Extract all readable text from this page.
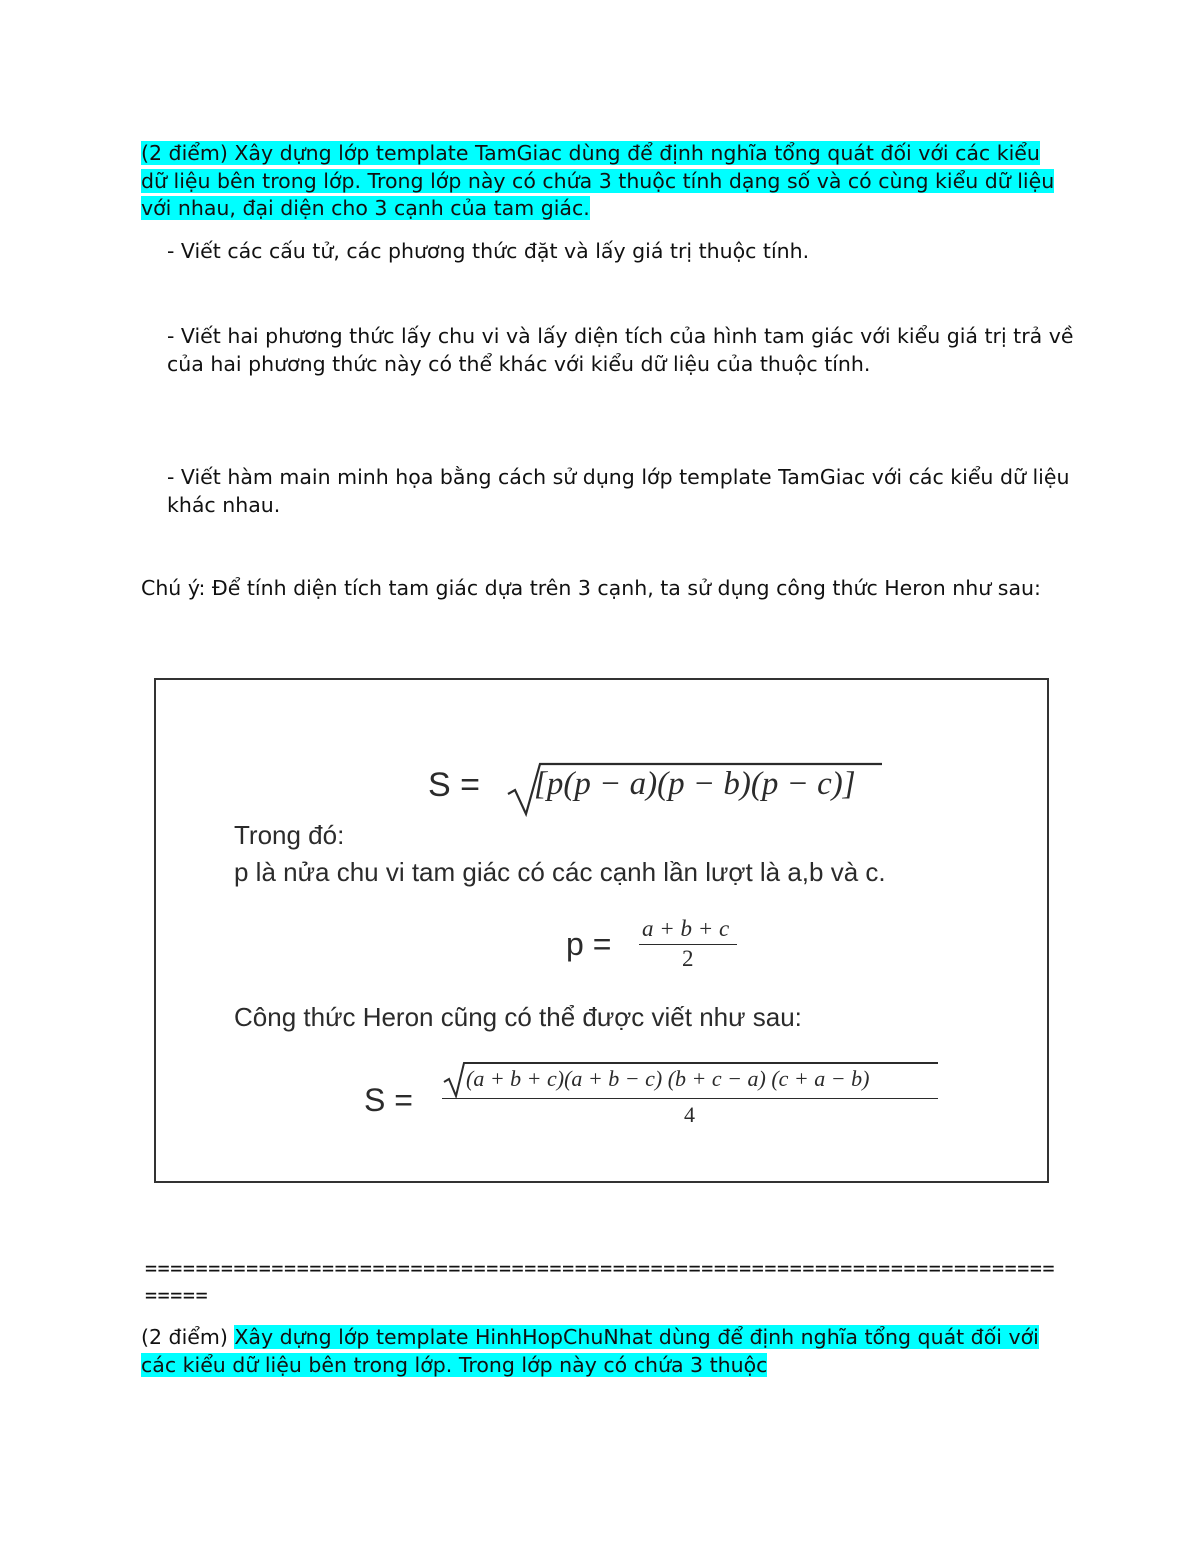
(2 điểm) Xây dựng lớp template TamGiac dùng để định nghĩa tổng quát đối với các kiểu dữ liệu bên trong lớp. Trong lớp này có chứa 3 thuộc tính dạng số và có cùng kiểu dữ liệu với nhau, đại diện cho 3 cạnh của tam giác.

- Viết các cấu tử, các phương thức đặt và lấy giá trị thuộc tính.

- Viết hai phương thức lấy chu vi và lấy diện tích của hình tam giác với kiểu giá trị trả về của hai phương thức này có thể khác với kiểu dữ liệu của thuộc tính.

- Viết hàm main minh họa bằng cách sử dụng lớp template TamGiac với các kiểu dữ liệu khác nhau.

Chú ý: Để tính diện tích tam giác dựa trên 3 cạnh, ta sử dụng công thức Heron như sau:

S = [p(p − a)(p − b)(p − c)]
Trong đó:
p là nửa chu vi tam giác có các cạnh lần lượt là a,b và c.
p = a + b + c
2
Công thức Heron cũng có thể được viết như sau:
S =
(a + b + c)(a + b − c) (b + c − a) (c + a − b)
4

=============================================================================

(2 điểm) Xây dựng lớp template HinhHopChuNhat dùng để định nghĩa tổng quát đối với các kiểu dữ liệu bên trong lớp. Trong lớp này có chứa 3 thuộc
